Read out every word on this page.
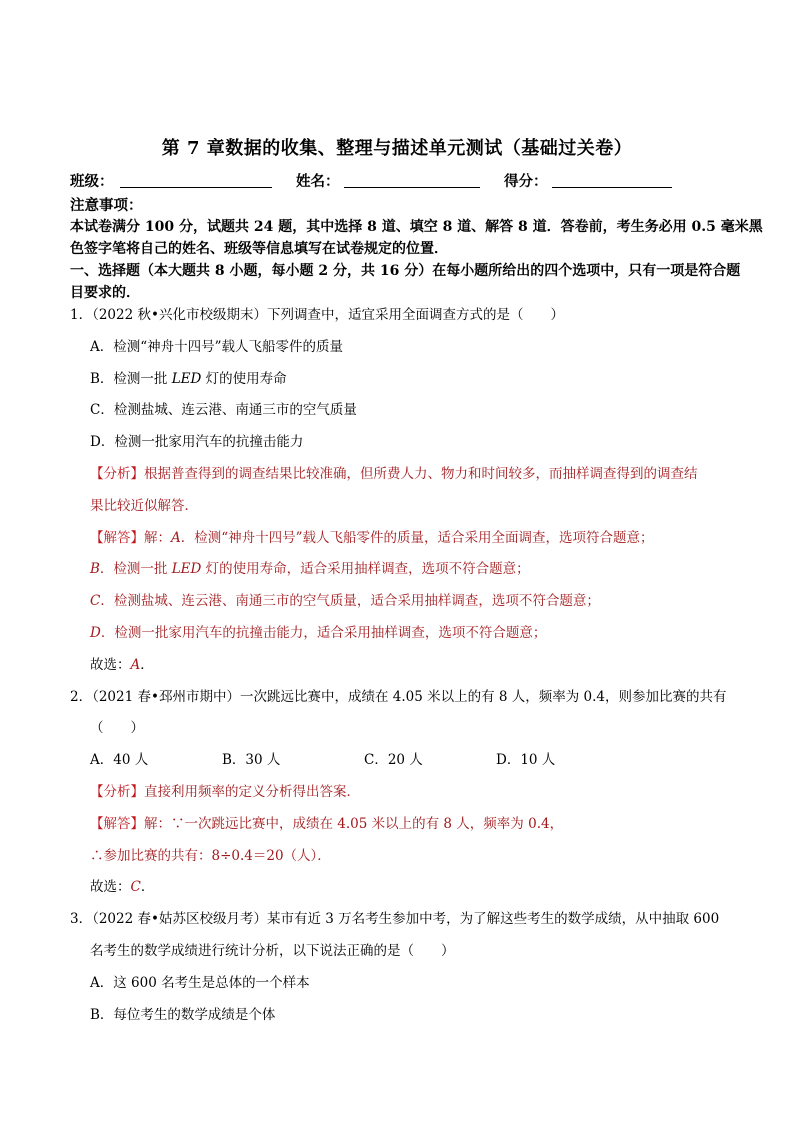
第 7 章数据的收集、整理与描述单元测试（基础过关卷）
班级：	姓名：	得分：
注意事项：
本试卷满分 100 分，试题共 24 题，其中选择 8 道、填空 8 道、解答 8 道．答卷前，考生务必用 0.5 毫米黑
色签字笔将自己的姓名、班级等信息填写在试卷规定的位置．
一、选择题（本大题共 8 小题，每小题 2 分，共 16 分）在每小题所给出的四个选项中，只有一项是符合题
目要求的．
1．（2022 秋•兴化市校级期末）下列调查中，适宜采用全面调查方式的是（　　）
A．检测“神舟十四号”载人飞船零件的质量
B．检测一批 LED 灯的使用寿命
C．检测盐城、连云港、南通三市的空气质量
D．检测一批家用汽车的抗撞击能力
【分析】根据普查得到的调查结果比较准确，但所费人力、物力和时间较多，而抽样调查得到的调查结
果比较近似解答．
【解答】解：A．检测“神舟十四号”载人飞船零件的质量，适合采用全面调查，选项符合题意；
B．检测一批 LED 灯的使用寿命，适合采用抽样调查，选项不符合题意；
C．检测盐城、连云港、南通三市的空气质量，适合采用抽样调查，选项不符合题意；
D．检测一批家用汽车的抗撞击能力，适合采用抽样调查，选项不符合题意；
故选：A．
2．（2021 春•邳州市期中）一次跳远比赛中，成绩在 4.05 米以上的有 8 人，频率为 0.4，则参加比赛的共有
（　　）
A．40 人	B．30 人	C．20 人	D．10 人
【分析】直接利用频率的定义分析得出答案．
【解答】解：∵一次跳远比赛中，成绩在 4.05 米以上的有 8 人，频率为 0.4，
∴参加比赛的共有：8÷0.4＝20（人）．
故选：C．
3．（2022 春•姑苏区校级月考）某市有近 3 万名考生参加中考，为了解这些考生的数学成绩，从中抽取 600
名考生的数学成绩进行统计分析，以下说法正确的是（　　）
A．这 600 名考生是总体的一个样本
B．每位考生的数学成绩是个体
